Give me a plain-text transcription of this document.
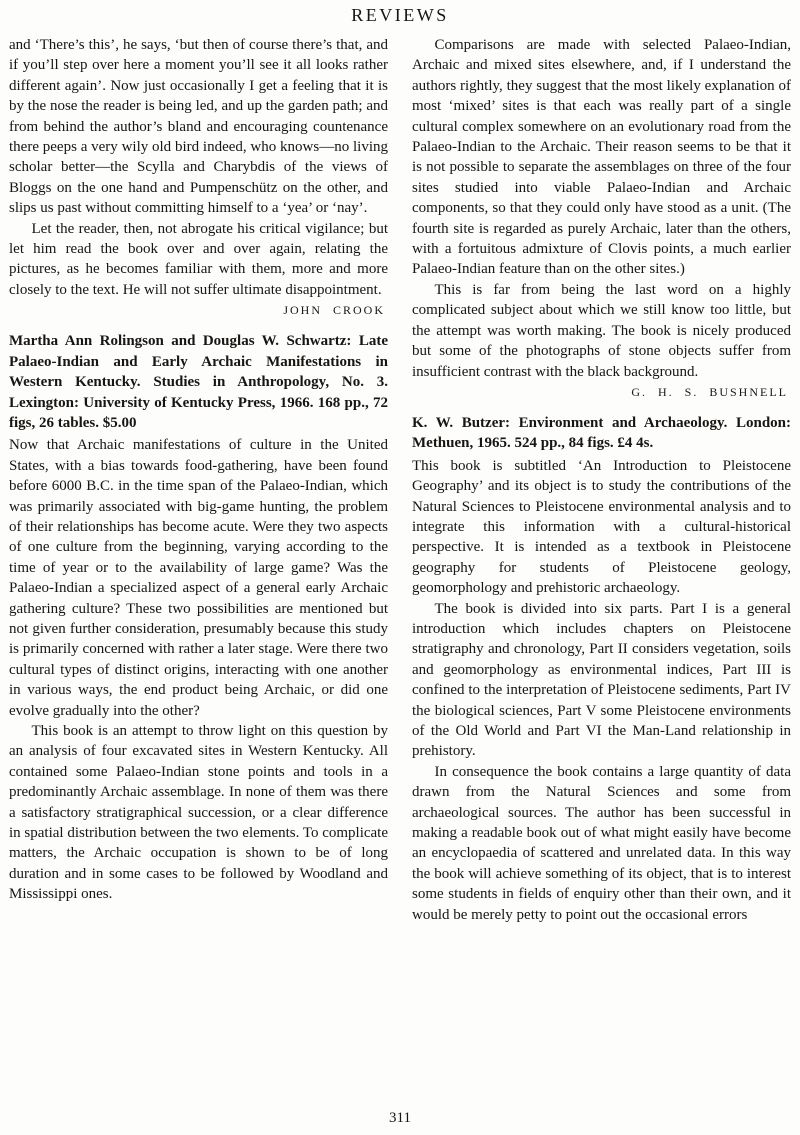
REVIEWS

and ‘There’s this’, he says, ‘but then of course there’s that, and if you’ll step over here a moment you’ll see it all looks rather different again’. Now just occasionally I get a feeling that it is by the nose the reader is being led, and up the garden path; and from behind the author’s bland and encouraging countenance there peeps a very wily old bird indeed, who knows—no living scholar better—the Scylla and Charybdis of the views of Bloggs on the one hand and Pumpenschütz on the other, and slips us past without committing himself to a ‘yea’ or ‘nay’.

Let the reader, then, not abrogate his critical vigilance; but let him read the book over and over again, relating the pictures, as he becomes familiar with them, more and more closely to the text. He will not suffer ultimate disappointment.

JOHN CROOK

Martha Ann Rolingson and Douglas W. Schwartz: Late Palaeo-Indian and Early Archaic Manifestations in Western Kentucky. Studies in Anthropology, No. 3. Lexington: University of Kentucky Press, 1966. 168 pp., 72 figs, 26 tables. $5.00

Now that Archaic manifestations of culture in the United States, with a bias towards food-gathering, have been found before 6000 B.C. in the time span of the Palaeo-Indian, which was primarily associated with big-game hunting, the problem of their relationships has become acute. Were they two aspects of one culture from the beginning, varying according to the time of year or to the availability of large game? Was the Palaeo-Indian a specialized aspect of a general early Archaic gathering culture? These two possibilities are mentioned but not given further consideration, presumably because this study is primarily concerned with rather a later stage. Were there two cultural types of distinct origins, interacting with one another in various ways, the end product being Archaic, or did one evolve gradually into the other?

This book is an attempt to throw light on this question by an analysis of four excavated sites in Western Kentucky. All contained some Palaeo-Indian stone points and tools in a predominantly Archaic assemblage. In none of them was there a satisfactory stratigraphical succession, or a clear difference in spatial distribution between the two elements. To complicate matters, the Archaic occupation is shown to be of long duration and in some cases to be followed by Woodland and Mississippi ones.

Comparisons are made with selected Palaeo-Indian, Archaic and mixed sites elsewhere, and, if I understand the authors rightly, they suggest that the most likely explanation of most ‘mixed’ sites is that each was really part of a single cultural complex somewhere on an evolutionary road from the Palaeo-Indian to the Archaic. Their reason seems to be that it is not possible to separate the assemblages on three of the four sites studied into viable Palaeo-Indian and Archaic components, so that they could only have stood as a unit. (The fourth site is regarded as purely Archaic, later than the others, with a fortuitous admixture of Clovis points, a much earlier Palaeo-Indian feature than on the other sites.)

This is far from being the last word on a highly complicated subject about which we still know too little, but the attempt was worth making. The book is nicely produced but some of the photographs of stone objects suffer from insufficient contrast with the black background.

G. H. S. BUSHNELL

K. W. Butzer: Environment and Archaeology. London: Methuen, 1965. 524 pp., 84 figs. £4 4s.

This book is subtitled ‘An Introduction to Pleistocene Geography’ and its object is to study the contributions of the Natural Sciences to Pleistocene environmental analysis and to integrate this information with a cultural-historical perspective. It is intended as a textbook in Pleistocene geography for students of Pleistocene geology, geomorphology and prehistoric archaeology.

The book is divided into six parts. Part I is a general introduction which includes chapters on Pleistocene stratigraphy and chronology, Part II considers vegetation, soils and geomorphology as environmental indices, Part III is confined to the interpretation of Pleistocene sediments, Part IV the biological sciences, Part V some Pleistocene environments of the Old World and Part VI the Man-Land relationship in prehistory.

In consequence the book contains a large quantity of data drawn from the Natural Sciences and some from archaeological sources. The author has been successful in making a readable book out of what might easily have become an encyclopaedia of scattered and unrelated data. In this way the book will achieve something of its object, that is to interest some students in fields of enquiry other than their own, and it would be merely petty to point out the occasional errors

311
